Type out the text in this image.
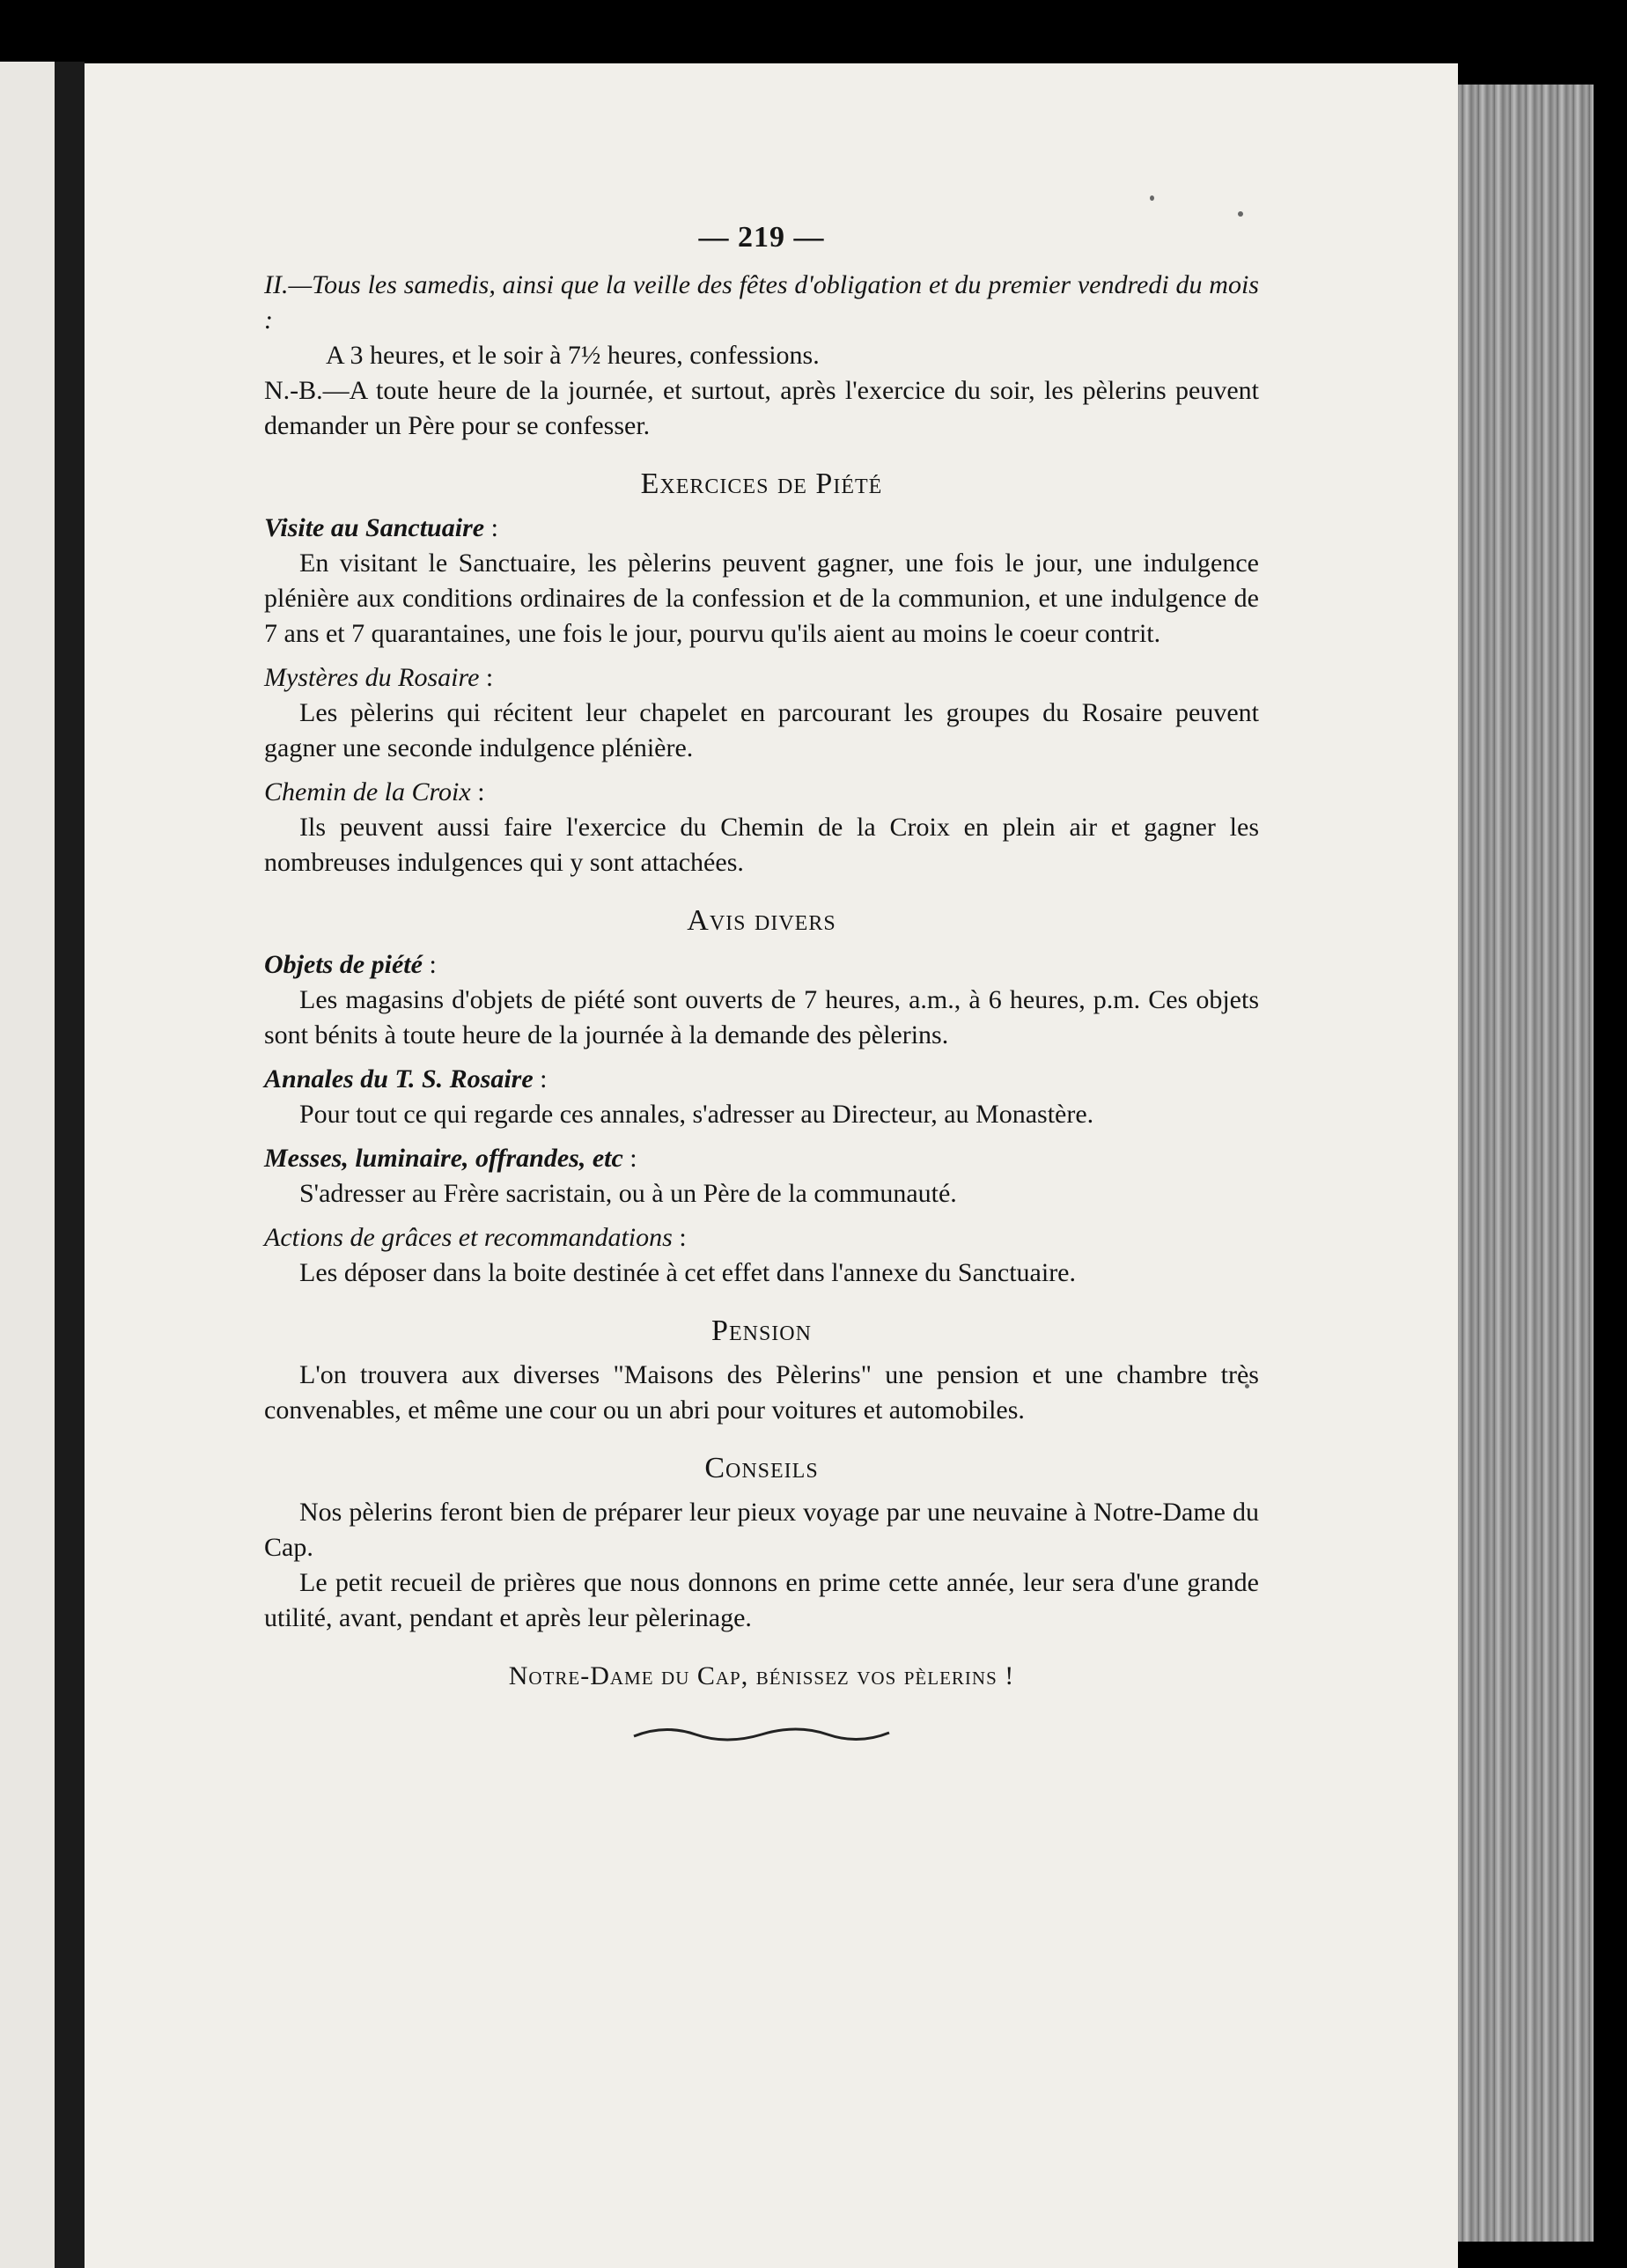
— 219 —

II.—Tous les samedis, ainsi que la veille des fêtes d'obligation et du premier vendredi du mois :

A 3 heures, et le soir à 7½ heures, confessions.

N.-B.—A toute heure de la journée, et surtout, après l'exercice du soir, les pèlerins peuvent demander un Père pour se confesser.

Exercices de Piété
Visite au Sanctuaire :

En visitant le Sanctuaire, les pèlerins peuvent gagner, une fois le jour, une indulgence plénière aux conditions ordinaires de la confession et de la communion, et une indulgence de 7 ans et 7 quarantaines, une fois le jour, pourvu qu'ils aient au moins le coeur contrit.

Mystères du Rosaire :

Les pèlerins qui récitent leur chapelet en parcourant les groupes du Rosaire peuvent gagner une seconde indulgence plénière.

Chemin de la Croix :

Ils peuvent aussi faire l'exercice du Chemin de la Croix en plein air et gagner les nombreuses indulgences qui y sont attachées.

Avis divers
Objets de piété :

Les magasins d'objets de piété sont ouverts de 7 heures, a.m., à 6 heures, p.m. Ces objets sont bénits à toute heure de la journée à la demande des pèlerins.

Annales du T. S. Rosaire :

Pour tout ce qui regarde ces annales, s'adresser au Directeur, au Monastère.

Messes, luminaire, offrandes, etc :

S'adresser au Frère sacristain, ou à un Père de la communauté.

Actions de grâces et recommandations :

Les déposer dans la boite destinée à cet effet dans l'annexe du Sanctuaire.

Pension

L'on trouvera aux diverses "Maisons des Pèlerins" une pension et une chambre très convenables, et même une cour ou un abri pour voitures et automobiles.

Conseils

Nos pèlerins feront bien de préparer leur pieux voyage par une neuvaine à Notre-Dame du Cap.

Le petit recueil de prières que nous donnons en prime cette année, leur sera d'une grande utilité, avant, pendant et après leur pèlerinage.

Notre-Dame du Cap, bénissez vos pèlerins !
